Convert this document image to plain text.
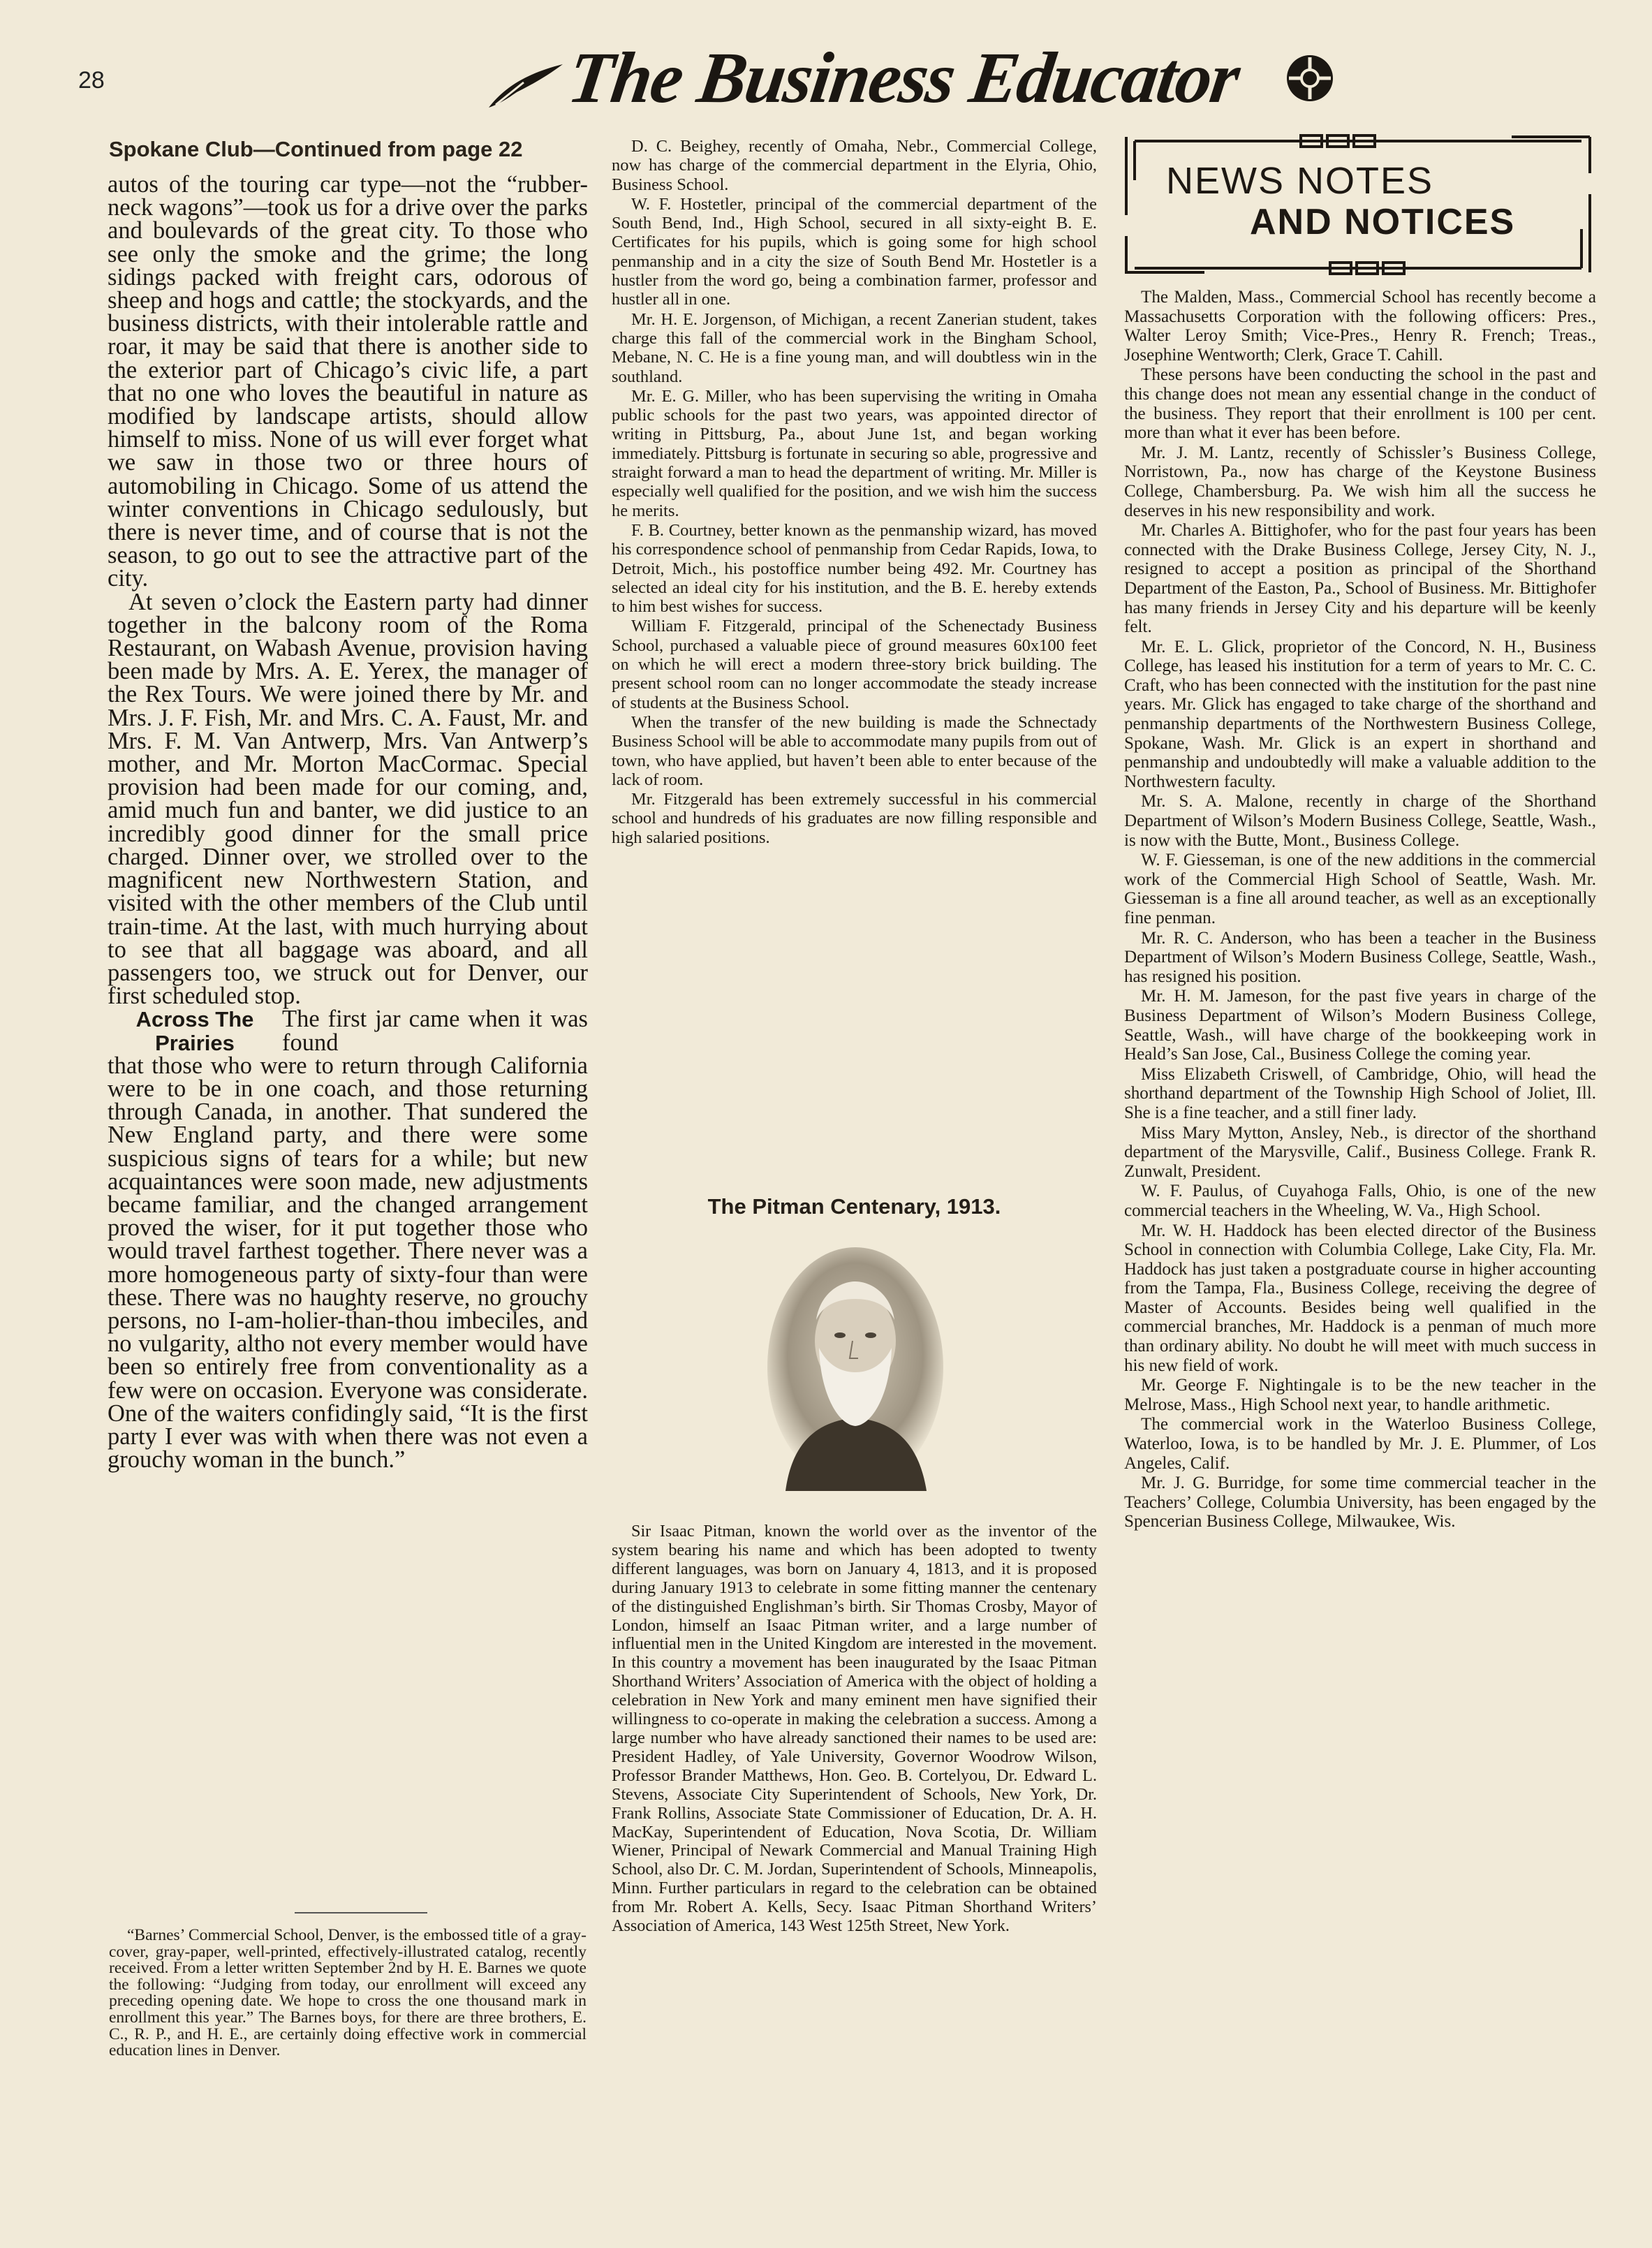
28	The Business Educator
Spokane Club—Continued from page 22

autos of the touring car type—not the “rubber-neck wagons”—took us for a drive over the parks and boulevards of the great city. To those who see only the smoke and the grime; the long sidings packed with freight cars, odorous of sheep and hogs and cattle; the stockyards, and the business districts, with their intolerable rattle and roar, it may be said that there is another side to the exterior part of Chicago’s civic life, a part that no one who loves the beautiful in nature as modified by landscape artists, should allow himself to miss. None of us will ever forget what we saw in those two or three hours of automobiling in Chicago. Some of us attend the winter conventions in Chicago sedulously, but there is never time, and of course that is not the season, to go out to see the attractive part of the city.

At seven o’clock the Eastern party had dinner together in the balcony room of the Roma Restaurant, on Wabash Avenue, provision having been made by Mrs. A. E. Yerex, the manager of the Rex Tours. We were joined there by Mr. and Mrs. J. F. Fish, Mr. and Mrs. C. A. Faust, Mr. and Mrs. F. M. Van Antwerp, Mrs. Van Antwerp’s mother, and Mr. Morton MacCormac. Special provision had been made for our coming, and, amid much fun and banter, we did justice to an incredibly good dinner for the small price charged. Dinner over, we strolled over to the magnificent new Northwestern Station, and visited with the other members of the Club until train-time. At the last, with much hurrying about to see that all baggage was aboard, and all passengers too, we struck out for Denver, our first scheduled stop.

Across The Prairies
The first jar came when it was found

that those who were to return through California were to be in one coach, and those returning through Canada, in another. That sundered the New England party, and there were some suspicious signs of tears for a while; but new acquaintances were soon made, new adjustments became familiar, and the changed arrangement proved the wiser, for it put together those who would travel farthest together. There never was a more homogeneous party of sixty-four than were these. There was no haughty reserve, no grouchy persons, no I-am-holier-than-thou imbeciles, and no vulgarity, altho not every member would have been so entirely free from conventionality as a few were on occasion. Everyone was considerate. One of the waiters confidingly said, “It is the first party I ever was with when there was not even a grouchy woman in the bunch.”

“Barnes’ Commercial School, Denver, is the embossed title of a gray-cover, gray-paper, well-printed, effectively-illustrated catalog, recently received. From a letter written September 2nd by H. E. Barnes we quote the following: “Judging from today, our enrollment will exceed any preceding opening date. We hope to cross the one thousand mark in enrollment this year.” The Barnes boys, for there are three brothers, E. C., R. P., and H. E., are certainly doing effective work in commercial education lines in Denver.

D. C. Beighey, recently of Omaha, Nebr., Commercial College, now has charge of the commercial department in the Elyria, Ohio, Business School.

W. F. Hostetler, principal of the commercial department of the South Bend, Ind., High School, secured in all sixty-eight B. E. Certificates for his pupils, which is going some for high school penmanship and in a city the size of South Bend Mr. Hostetler is a hustler from the word go, being a combination farmer, professor and hustler all in one.

Mr. H. E. Jorgenson, of Michigan, a recent Zanerian student, takes charge this fall of the commercial work in the Bingham School, Mebane, N. C. He is a fine young man, and will doubtless win in the southland.

Mr. E. G. Miller, who has been supervising the writing in Omaha public schools for the past two years, was appointed director of writing in Pittsburg, Pa., about June 1st, and began working immediately. Pittsburg is fortunate in securing so able, progressive and straight forward a man to head the department of writing. Mr. Miller is especially well qualified for the position, and we wish him the success he merits.

F. B. Courtney, better known as the penmanship wizard, has moved his correspondence school of penmanship from Cedar Rapids, Iowa, to Detroit, Mich., his postoffice number being 492. Mr. Courtney has selected an ideal city for his institution, and the B. E. hereby extends to him best wishes for success.

William F. Fitzgerald, principal of the Schenectady Business School, purchased a valuable piece of ground measures 60x100 feet on which he will erect a modern three-story brick building. The present school room can no longer accommodate the steady increase of students at the Business School.

When the transfer of the new building is made the Schnectady Business School will be able to accommodate many pupils from out of town, who have applied, but haven’t been able to enter because of the lack of room.

Mr. Fitzgerald has been extremely successful in his commercial school and hundreds of his graduates are now filling responsible and high salaried positions.

The Pitman Centenary, 1913.

Sir Isaac Pitman, known the world over as the inventor of the system bearing his name and which has been adopted to twenty different languages, was born on January 4, 1813, and it is proposed during January 1913 to celebrate in some fitting manner the centenary of the distinguished Englishman’s birth. Sir Thomas Crosby, Mayor of London, himself an Isaac Pitman writer, and a large number of influential men in the United Kingdom are interested in the movement. In this country a movement has been inaugurated by the Isaac Pitman Shorthand Writers’ Association of America with the object of holding a celebration in New York and many eminent men have signified their willingness to co-operate in making the celebration a success. Among a large number who have already sanctioned their names to be used are: President Hadley, of Yale University, Governor Woodrow Wilson, Professor Brander Matthews, Hon. Geo. B. Cortelyou, Dr. Edward L. Stevens, Associate City Superintendent of Schools, New York, Dr. Frank Rollins, Associate State Commissioner of Education, Dr. A. H. MacKay, Superintendent of Education, Nova Scotia, Dr. William Wiener, Principal of Newark Commercial and Manual Training High School, also Dr. C. M. Jordan, Superintendent of Schools, Minneapolis, Minn. Further particulars in regard to the celebration can be obtained from Mr. Robert A. Kells, Secy. Isaac Pitman Shorthand Writers’ Association of America, 143 West 125th Street, New York.

NEWS NOTES
AND NOTICES

The Malden, Mass., Commercial School has recently become a Massachusetts Corporation with the following officers: Pres., Walter Leroy Smith; Vice-Pres., Henry R. French; Treas., Josephine Wentworth; Clerk, Grace T. Cahill.

These persons have been conducting the school in the past and this change does not mean any essential change in the conduct of the business. They report that their enrollment is 100 per cent. more than what it ever has been before.

Mr. J. M. Lantz, recently of Schissler’s Business College, Norristown, Pa., now has charge of the Keystone Business College, Chambersburg. Pa. We wish him all the success he deserves in his new responsibility and work.

Mr. Charles A. Bittighofer, who for the past four years has been connected with the Drake Business College, Jersey City, N. J., resigned to accept a position as principal of the Shorthand Department of the Easton, Pa., School of Business. Mr. Bittighofer has many friends in Jersey City and his departure will be keenly felt.

Mr. E. L. Glick, proprietor of the Concord, N. H., Business College, has leased his institution for a term of years to Mr. C. C. Craft, who has been connected with the institution for the past nine years. Mr. Glick has engaged to take charge of the shorthand and penmanship departments of the Northwestern Business College, Spokane, Wash. Mr. Glick is an expert in shorthand and penmanship and undoubtedly will make a valuable addition to the Northwestern faculty.

Mr. S. A. Malone, recently in charge of the Shorthand Department of Wilson’s Modern Business College, Seattle, Wash., is now with the Butte, Mont., Business College.

W. F. Giesseman, is one of the new additions in the commercial work of the Commercial High School of Seattle, Wash. Mr. Giesseman is a fine all around teacher, as well as an exceptionally fine penman.

Mr. R. C. Anderson, who has been a teacher in the Business Department of Wilson’s Modern Business College, Seattle, Wash., has resigned his position.

Mr. H. M. Jameson, for the past five years in charge of the Business Department of Wilson’s Modern Business College, Seattle, Wash., will have charge of the bookkeeping work in Heald’s San Jose, Cal., Business College the coming year.

Miss Elizabeth Criswell, of Cambridge, Ohio, will head the shorthand department of the Township High School of Joliet, Ill. She is a fine teacher, and a still finer lady.

Miss Mary Mytton, Ansley, Neb., is director of the shorthand department of the Marysville, Calif., Business College. Frank R. Zunwalt, President.

W. F. Paulus, of Cuyahoga Falls, Ohio, is one of the new commercial teachers in the Wheeling, W. Va., High School.

Mr. W. H. Haddock has been elected director of the Business School in connection with Columbia College, Lake City, Fla. Mr. Haddock has just taken a postgraduate course in higher accounting from the Tampa, Fla., Business College, receiving the degree of Master of Accounts. Besides being well qualified in the commercial branches, Mr. Haddock is a penman of much more than ordinary ability. No doubt he will meet with much success in his new field of work.

Mr. George F. Nightingale is to be the new teacher in the Melrose, Mass., High School next year, to handle arithmetic.

The commercial work in the Waterloo Business College, Waterloo, Iowa, is to be handled by Mr. J. E. Plummer, of Los Angeles, Calif.

Mr. J. G. Burridge, for some time commercial teacher in the Teachers’ College, Columbia University, has been engaged by the Spencerian Business College, Milwaukee, Wis.
